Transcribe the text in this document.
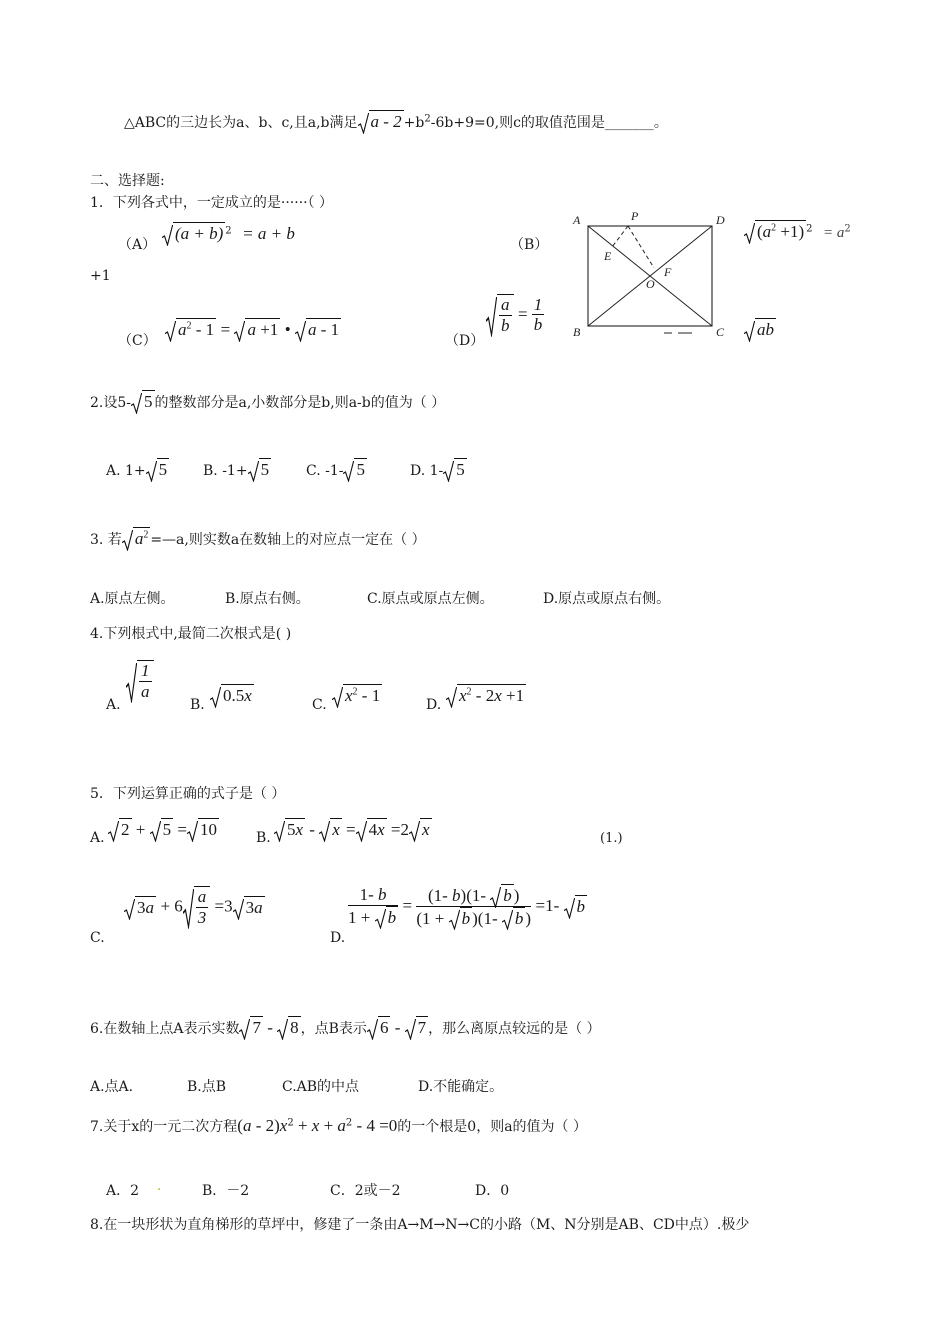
△ABC的三边长为a、b、c,且a,b满足 $a - 2 +b^2-6b+9=0$,则c的取值范围是_______。
二、选择题:
1．下列各式中，一定成立的是······（ ）
（A）
(a + b) $^2$ = a + b
（B）
$(a^2 +1) ^2 = a^2$
+1
（C）
$a^2 - 1 = a +1$ • a - 1
（D）
$\frac{a}{b} = \frac{1}{b}$	ab
A	P	D
E
F
O
B	C
2.设5- 5 的整数部分是a,小数部分是b,则a-b的值为（ ）
A. 1+ 5	B. -1+ 5	C. -1- 5	D. 1- 5
3. 若 $a^2$ =—a,则实数a在数轴上的对应点一定在（ ）
A.原点左侧。	B.原点右侧。	C.原点或原点左侧。	D.原点或原点右侧。
4.下列根式中,最简二次根式是( )
A.
$\frac{1}{a}$
B.	0.5x	C.	$x^2 - 1$	D.	$x^2 - 2x +1$
5．下列运算正确的式子是（ ）
A. 2 + 5 = 10	B. 5x - x = 4x =2 x	(1.)
C.
$3a + 6 \frac{a}{3} =3$ 3a
D.
$\frac{1- b}{1 + b} = \frac{(1- b)(1- b )}{(1 + b )(1- b )} =1-$ b
6.在数轴上点A表示实数 7 - 8 ，点B表示 6 - 7 ，那么离原点较远的是（ ）
A.点A.	B.点B	C.AB的中点	D.不能确定。
7.关于x的一元二次方程$(a - 2)x^2 + x + a^2 - 4 =0$的一个根是0，则a的值为（ ）
A．2 .	B．－2	C．2或－2	D．0
8.在一块形状为直角梯形的草坪中，修建了一条由A→M→N→C的小路（M、N分别是AB、CD中点）.极少
